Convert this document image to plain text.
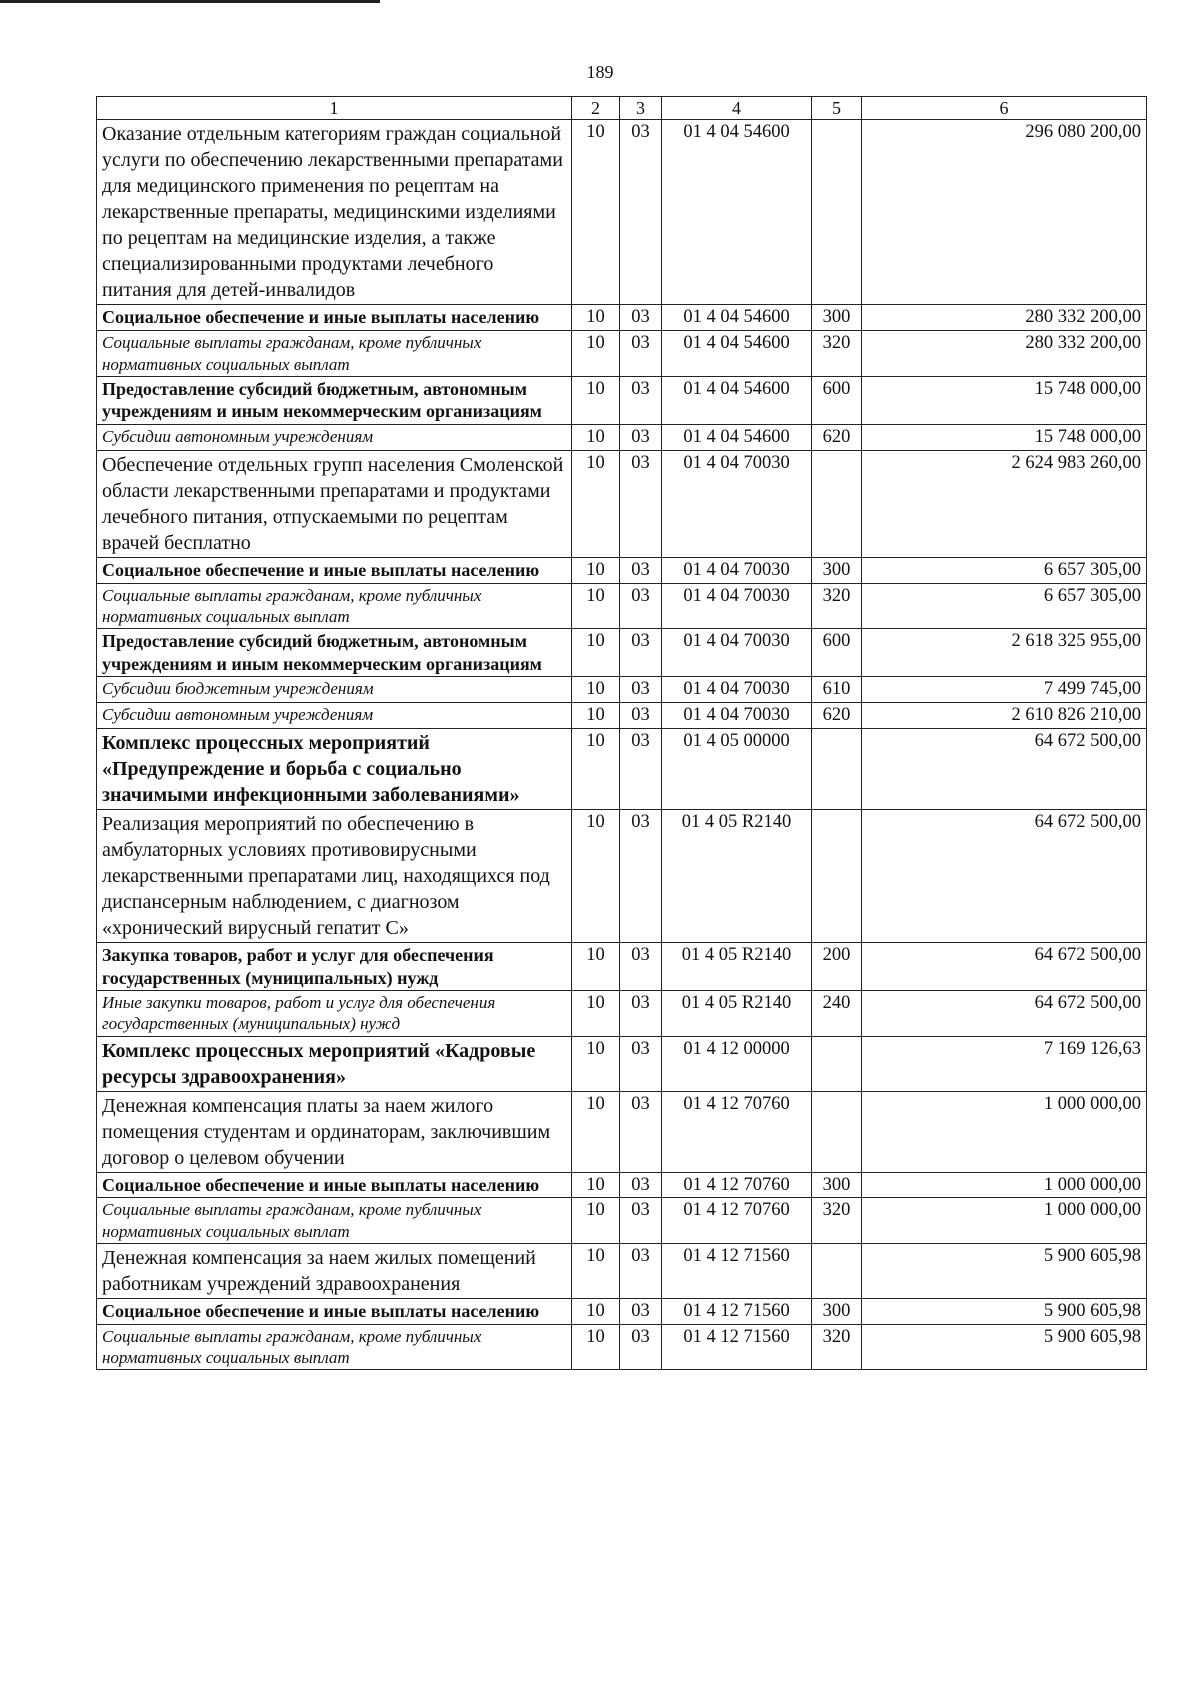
189
1	2	3	4	5	6
Оказание отдельным категориям граждан социальной услуги по обеспечению лекарственными препаратами для медицинского применения по рецептам на лекарственные препараты, медицинскими изделиями по рецептам на медицинские изделия, а также специализированными продуктами лечебного питания для детей-инвалидов	10	03	01 4 04 54600		296 080 200,00
Социальное обеспечение и иные выплаты населению	10	03	01 4 04 54600	300	280 332 200,00
Социальные выплаты гражданам, кроме публичных нормативных социальных выплат	10	03	01 4 04 54600	320	280 332 200,00
Предоставление субсидий бюджетным, автономным учреждениям и иным некоммерческим организациям	10	03	01 4 04 54600	600	15 748 000,00
Субсидии автономным учреждениям	10	03	01 4 04 54600	620	15 748 000,00
Обеспечение отдельных групп населения Смоленской области лекарственными препаратами и продуктами лечебного питания, отпускаемыми по рецептам врачей бесплатно	10	03	01 4 04 70030		2 624 983 260,00
Социальное обеспечение и иные выплаты населению	10	03	01 4 04 70030	300	6 657 305,00
Социальные выплаты гражданам, кроме публичных нормативных социальных выплат	10	03	01 4 04 70030	320	6 657 305,00
Предоставление субсидий бюджетным, автономным учреждениям и иным некоммерческим организациям	10	03	01 4 04 70030	600	2 618 325 955,00
Субсидии бюджетным учреждениям	10	03	01 4 04 70030	610	7 499 745,00
Субсидии автономным учреждениям	10	03	01 4 04 70030	620	2 610 826 210,00
Комплекс процессных мероприятий «Предупреждение и борьба с социально значимыми инфекционными заболеваниями»	10	03	01 4 05 00000		64 672 500,00
Реализация мероприятий по обеспечению в амбулаторных условиях противовирусными лекарственными препаратами лиц, находящихся под диспансерным наблюдением, с диагнозом «хронический вирусный гепатит С»	10	03	01 4 05 R2140		64 672 500,00
Закупка товаров, работ и услуг для обеспечения государственных (муниципальных) нужд	10	03	01 4 05 R2140	200	64 672 500,00
Иные закупки товаров, работ и услуг для обеспечения государственных (муниципальных) нужд	10	03	01 4 05 R2140	240	64 672 500,00
Комплекс процессных мероприятий «Кадровые ресурсы здравоохранения»	10	03	01 4 12 00000		7 169 126,63
Денежная компенсация платы за наем жилого помещения студентам и ординаторам, заключившим договор о целевом обучении	10	03	01 4 12 70760		1 000 000,00
Социальное обеспечение и иные выплаты населению	10	03	01 4 12 70760	300	1 000 000,00
Социальные выплаты гражданам, кроме публичных нормативных социальных выплат	10	03	01 4 12 70760	320	1 000 000,00
Денежная компенсация за наем жилых помещений работникам учреждений здравоохранения	10	03	01 4 12 71560		5 900 605,98
Социальное обеспечение и иные выплаты населению	10	03	01 4 12 71560	300	5 900 605,98
Социальные выплаты гражданам, кроме публичных нормативных социальных выплат	10	03	01 4 12 71560	320	5 900 605,98
